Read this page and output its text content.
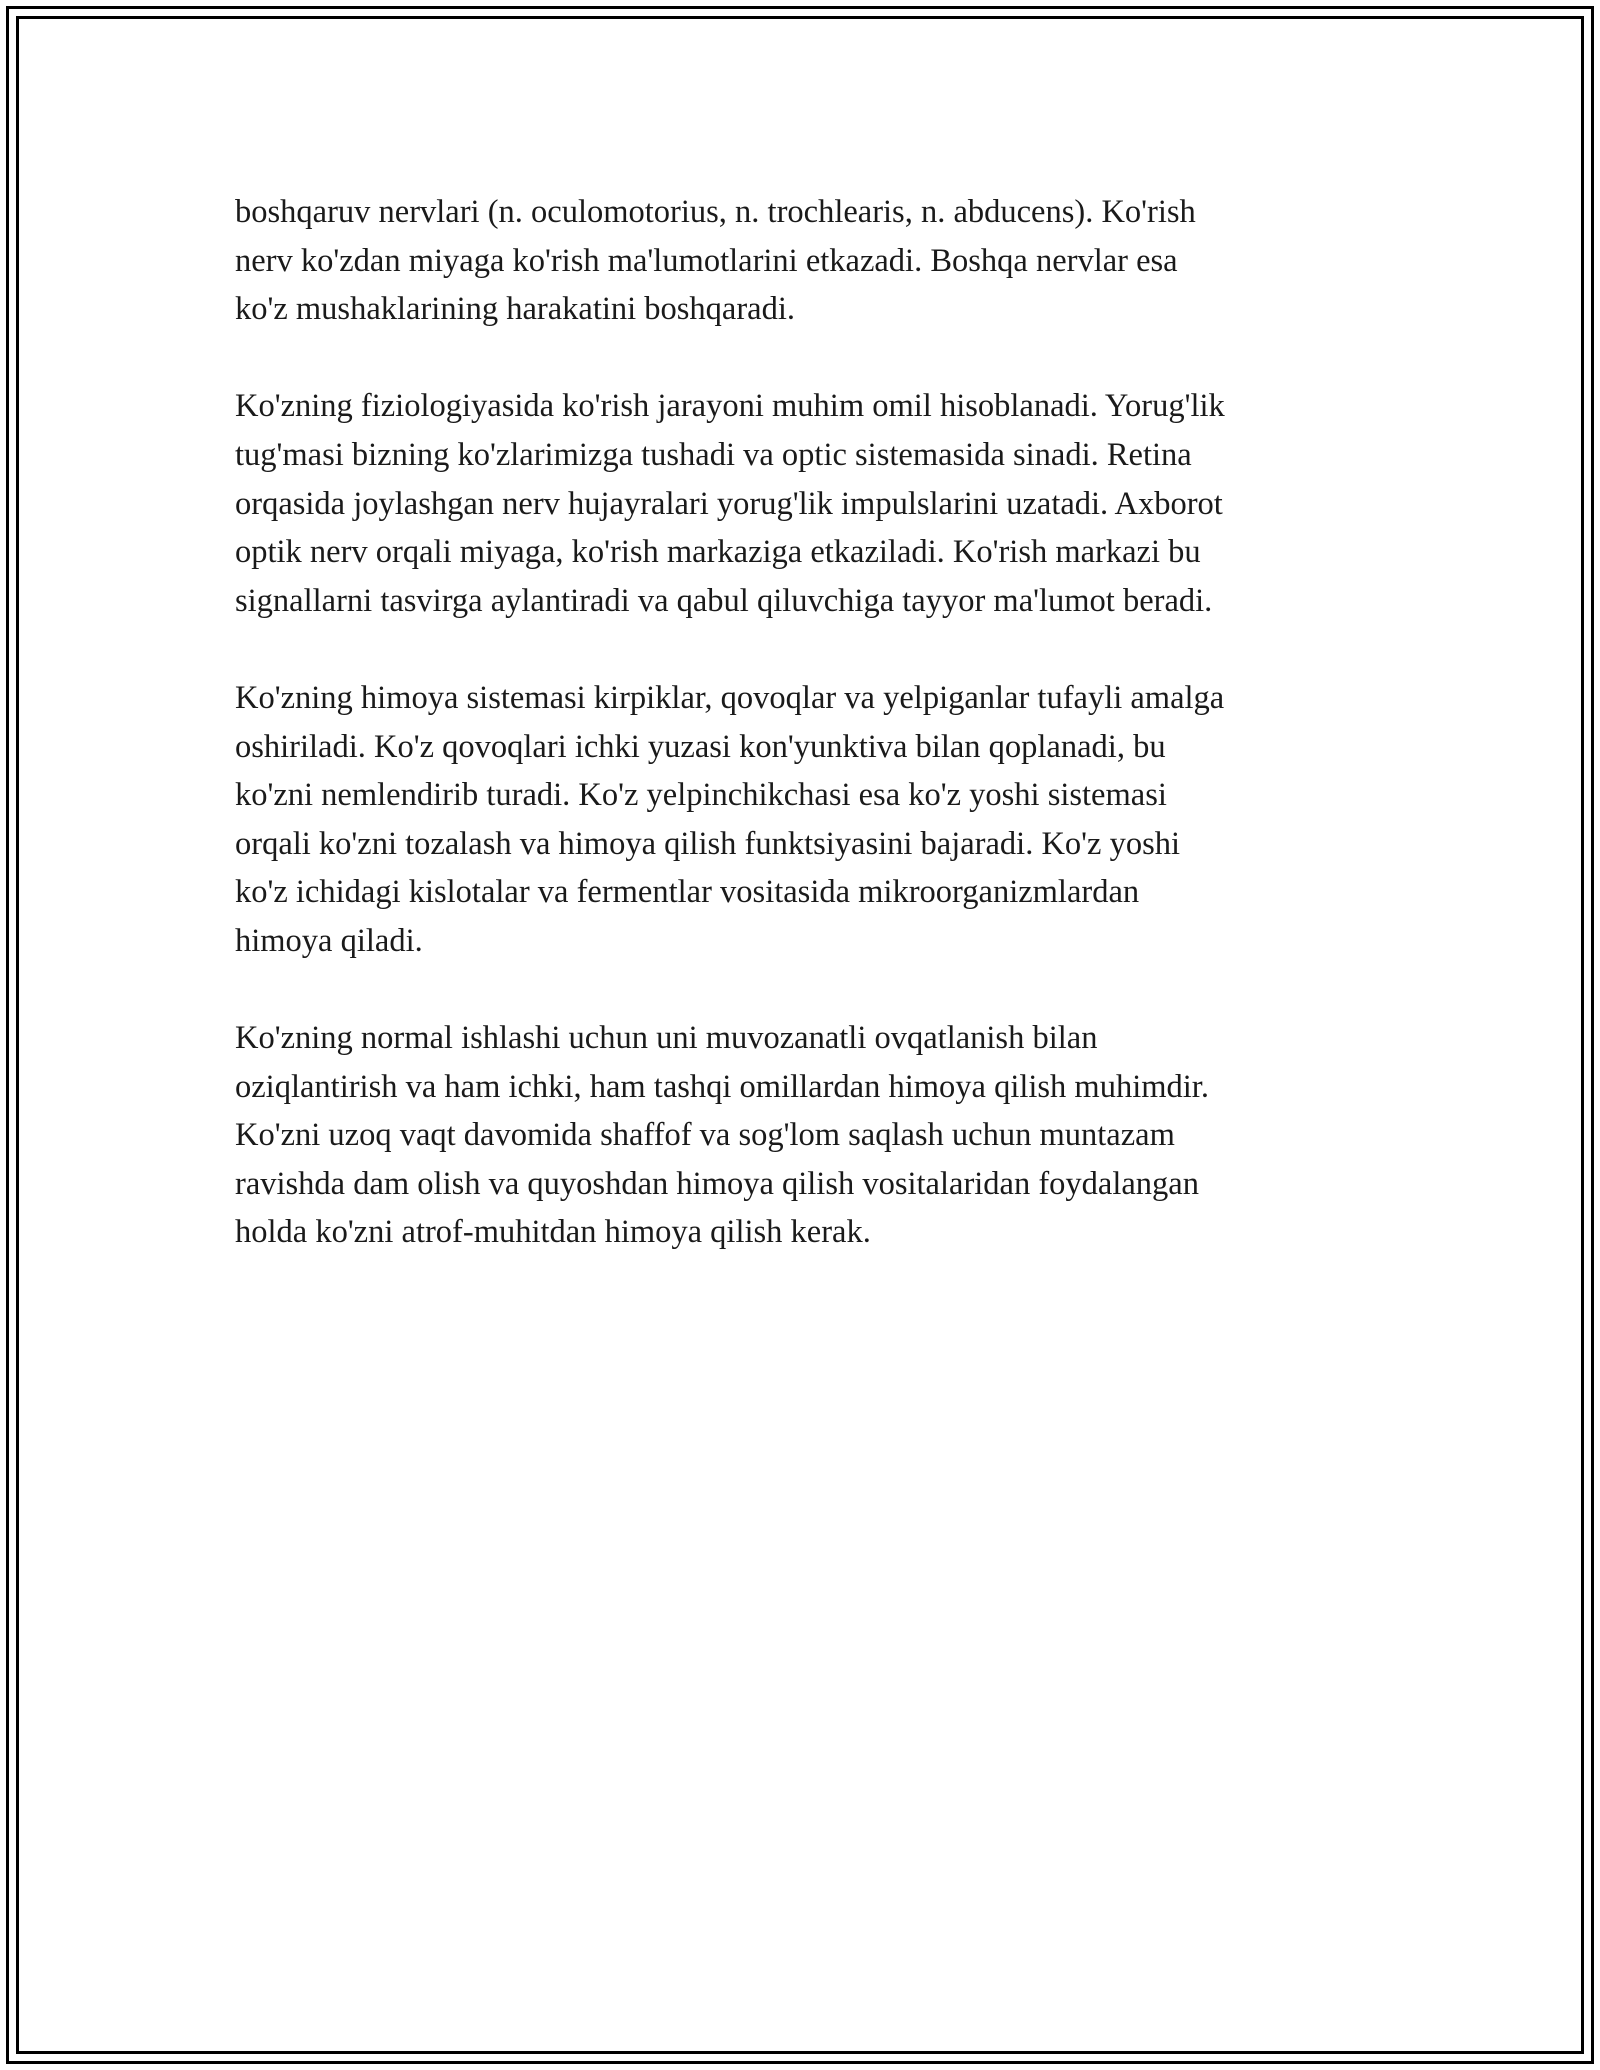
boshqaruv nervlari (n. oculomotorius, n. trochlearis, n. abducens). Ko'rish
nerv ko'zdan miyaga ko'rish ma'lumotlarini etkazadi. Boshqa nervlar esa
ko'z mushaklarining harakatini boshqaradi.

Ko'zning fiziologiyasida ko'rish jarayoni muhim omil hisoblanadi. Yorug'lik
tug'masi bizning ko'zlarimizga tushadi va optic sistemasida sinadi. Retina
orqasida joylashgan nerv hujayralari yorug'lik impulslarini uzatadi. Axborot
optik nerv orqali miyaga, ko'rish markaziga etkaziladi. Ko'rish markazi bu
signallarni tasvirga aylantiradi va qabul qiluvchiga tayyor ma'lumot beradi.

Ko'zning himoya sistemasi kirpiklar, qovoqlar va yelpiganlar tufayli amalga
oshiriladi. Ko'z qovoqlari ichki yuzasi kon'yunktiva bilan qoplanadi, bu
ko'zni nemlendirib turadi. Ko'z yelpinchikchasi esa ko'z yoshi sistemasi
orqali ko'zni tozalash va himoya qilish funktsiyasini bajaradi. Ko'z yoshi
ko'z ichidagi kislotalar va fermentlar vositasida mikroorganizmlardan
himoya qiladi.

Ko'zning normal ishlashi uchun uni muvozanatli ovqatlanish bilan
oziqlantirish va ham ichki, ham tashqi omillardan himoya qilish muhimdir.
Ko'zni uzoq vaqt davomida shaffof va sog'lom saqlash uchun muntazam
ravishda dam olish va quyoshdan himoya qilish vositalaridan foydalangan
holda ko'zni atrof-muhitdan himoya qilish kerak.
